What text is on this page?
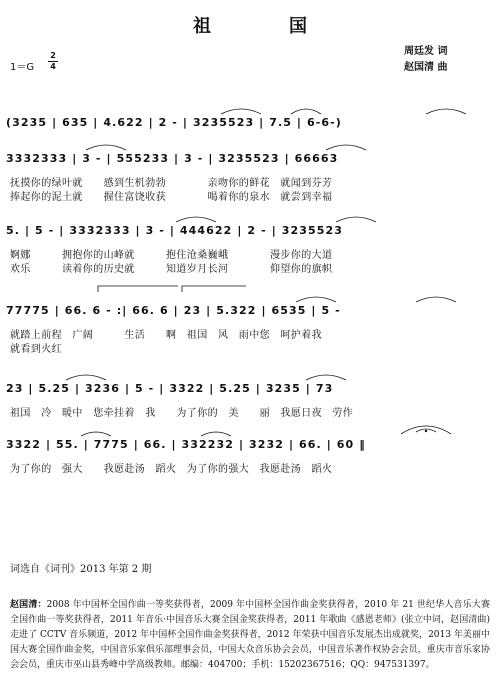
祖　国
1＝G
2
4
周廷发 词
赵国清 曲
(3235 | 635 | 4.622 | 2 - | 3235523 | 7.5 | 6-6-)
3332333 | 3 - | 555233 | 3 - | 3235523 | 66663
抚摸你的绿叶就　　感到生机勃勃　　　　亲吻你的鲜花　就闻到芬芳
捧起你的泥土就　　握住富饶收获　　　　喝着你的泉水　就尝到幸福
5. | 5 - | 3332333 | 3 - | 444622 | 2 - | 3235523
婀娜　　　拥抱你的山峰就　　　抱住沧桑巍峨　　　　漫步你的大道
欢乐　　　读着你的历史就　　　知道岁月长河　　　　仰望你的旗帜
77775 | 66. 6 - :| 66. 6 | 23 | 5.322 | 6535 | 5 -
就踏上前程　广阔　　　生活　　啊　祖国　风　雨中您　呵护着我
就看到火红
23 | 5.25 | 3236 | 5 - | 3322 | 5.25 | 3235 | 73
祖国　冷　暖中　您牵挂着　我　　为了你的　美　　丽　我愿日夜　劳作
3322 | 55. | 7775 | 66. | 332232 | 3232 | 66. | 60 ‖
为了你的　强大　　我愿赴汤　蹈火　为了你的强大　我愿赴汤　蹈火
词选自《词刊》2013 年第 2 期
赵国清：2008 年中国杯全国作曲一等奖获得者，2009 年中国杯全国作曲金奖获得者，2010 年 21 世纪华人音乐大赛全国作曲一等奖获得者，2011 年音乐·中国音乐大赛全国金奖获得者，2011 年歌曲《感恩老师》(张立中词，赵国清曲)走进了 CCTV 音乐频道，2012 年中国杯全国作曲金奖获得者，2012 年荣获中国音乐发展杰出成就奖，2013 年美丽中国大赛全国作曲金奖，中国音乐家俱乐部理事会员，中国大众音乐协会会员，中国音乐著作权协会会员，重庆市音乐家协会会员，重庆市巫山县秀峰中学高级教师。邮编：404700；手机：15202367516；QQ：947531397。
